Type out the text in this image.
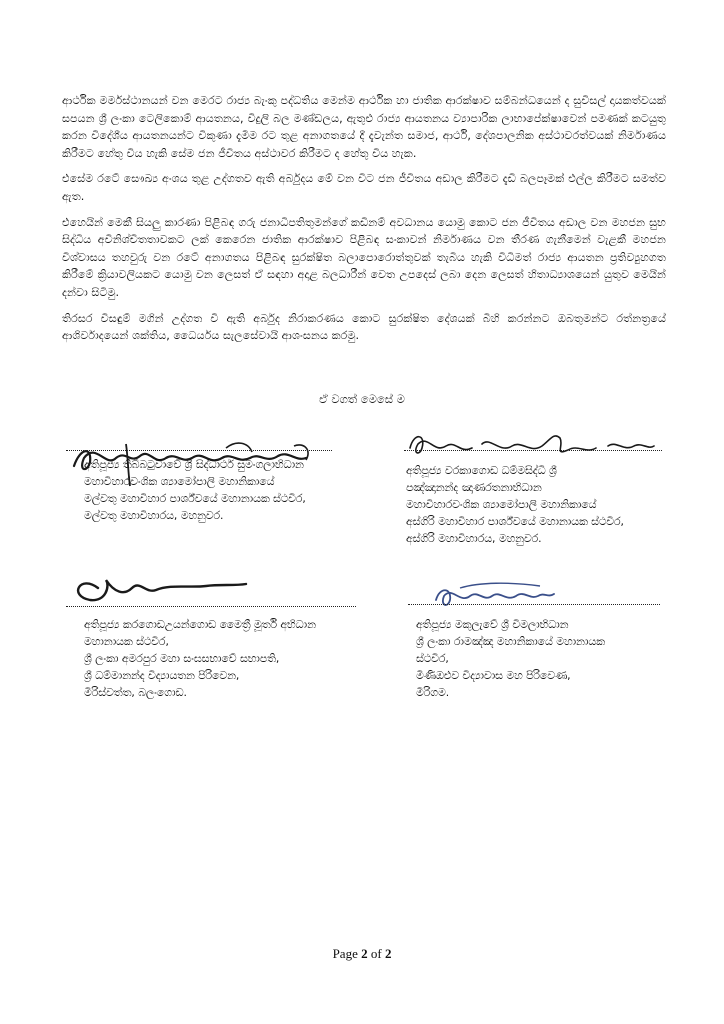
ආර්ථික මර්මස්ථානයන් වන මෙරට රාජ්‍ය බැංකු පද්ධතිය මෙන්ම ආර්ථික හා ජාතික ආරක්ෂාව සම්බන්ධයෙන් ද සුවිසල් දායකත්වයක් සපයන ශ්‍රී ලංකා ටෙලිකොම් ආයතනය, විදුලි බල මණ්ඩලය, ඇතුළු රාජ්‍ය ආයතනය ව්‍යාපාරික ලාභාපේක්ෂාවෙන් පමණක් කටයුතු කරන විදේශීය ආයතනයන්ට විකුණා දැමීම රට තුළ අනාගතයේ දී දැවැන්ත සමාජ, ආර්ථි, දේශපාලනික අස්ථාවරත්වයක් නිර්මාණය කිරීමට හේතු විය හැකි සේම ජන ජීවිතය අස්ථාවර කිරීමට ද හේතු විය හැක.

එසේම රටේ සෞඛ්‍ය අංශය තුළ උද්ගතව ඇති අර්බුදය මේ වන විට ජන ජීවිතය අඩාල කිරීමට දැඩි බලපෑමක් එල්ල කිරීමට සමත්ව ඇත.

එහෙයින් මෙකී සියලු කාරණා පිළිබඳ ගරු ජනාධිපතිතුමන්ගේ කඩිනම් අවධානය යොමු කොට ජන ජීවිතය අඩාල වන මහජන සුභ සිද්ධිය අවිනිශ්චිතතාවකට ලක් කෙරෙන ජාතික ආරක්ෂාව පිළිබඳ සංකාවන් නිර්මාණය වන තීරණ ගැනීමෙන් වැළකී මහජන විශ්වාසය තහවුරු වන රටේ අනාගතය පිළිබඳ සුරක්ෂිත බලාපොරොත්තුවක් තැබිය හැකි විධිමත් රාජ්‍ය ආයතන ප්‍රතිව්‍යුහගත කිරීමේ ක්‍රියාවලියකට යොමු වන ලෙසත් ඒ සඳහා අදාළ බලධාරීන් වෙත උපදෙස් ලබා දෙන ලෙසත් හිතාධ්‍යාශයෙන් යුතුව මෙයින් දන්වා සිටිමු.

තිරසර විසඳුම් මගින් උද්ගත වී ඇති අර්බුද නිරාකරණය කොට සුරක්ෂිත දේශයක් බිහි කරන්නට ඔබතුමන්ට රත්නත්‍රයේ ආශිර්වාදයෙන් ශක්තිය, ධෛර්යය සැලසේවායි ආශංසනය කරමු.

ඒ වගත් මෙසේ ම
අතිපූජ්‍ය තිබ්බටුවාවේ ශ්‍රී සිද්ධාර්ථ සුමංගලාභිධාන
මහාවිහාරවංශික ශ්‍යාමෝපාලි මහානිකායේ
මල්වතු මහාවිහාර පාර්ශ්වයේ මහානායක ස්ථවිර,
මල්වතු මහාවිහාරය, මහනුවර.
අතිපූජ්‍ය වරකාගොඩ ධම්මසිද්ධි ශ්‍රී
පඤ්ඤානන්ද ඤාණරතනාභිධාන
මහාවිහාරවංශික ශ්‍යාමෝපාලි මහානිකායේ
අස්ගිරි මහාවිහාර පාර්ශ්වයේ මහානායක ස්ථවිර,
අස්ගිරි මහාවිහාරය, මහනුවර.
අතිපූජ්‍ය කරගොඩඋයන්ගොඩ මෛත්‍රී මූර්ති අභිධාන
මහානායක ස්ථවිර,
ශ්‍රී ලංකා අමරපුර මහා සංඝසභාවේ සභාපති,
ශ්‍රී ධම්මානන්ද විද්‍යායතන පිරිවෙන,
මිරිස්වත්ත, බලංගොඩ.
අතිපූජ්‍ය මකුලැවේ ශ්‍රී විමලාභිධාන
ශ්‍රී ලංකා රාමඤ්ඤ මහානිකායේ මහානායක
ස්ථවිර,
මිණිඔළුව විද්‍යාවාස මහ පිරිවෙණ,
මීරිගම.
Page 2 of 2
